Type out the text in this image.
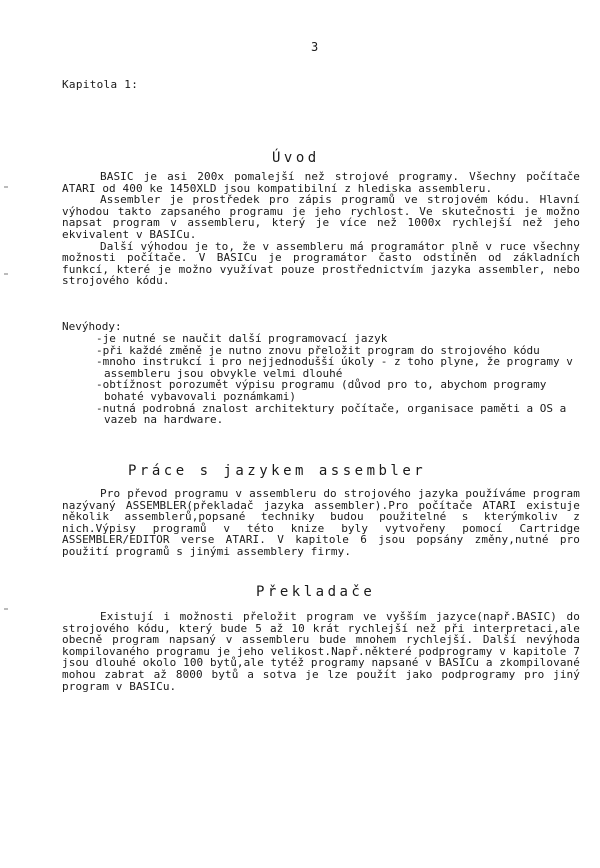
3
Kapitola 1:
Úvod

BASIC je asi 200x pomalejší než strojové programy. Všechny počítače ATARI od 400 ke 1450XLD jsou kompatibilní z hlediska assembleru.

Assembler je prostředek pro zápis programů ve strojovém kódu. Hlavní výhodou takto zapsaného programu je jeho rychlost. Ve skutečnosti je možno napsat program v assembleru, který je více než 1000x rychlejší než jeho ekvivalent v BASICu.

Další výhodou je to, že v assembleru má programátor plně v ruce všechny možnosti počítače. V BASICu je programátor často odstíněn od základních funkcí, které je možno využívat pouze prostřednictvím jazyka assembler, nebo strojového kódu.

Nevýhody:
-je nutné se naučit další programovací jazyk
-při každé změně je nutno znovu přeložit program do strojového kódu
-mnoho instrukcí i pro nejjednodušší úkoly - z toho plyne, že programy v assembleru jsou obvykle velmi dlouhé
-obtížnost porozumět výpisu programu (důvod pro to, abychom programy bohaté vybavovali poznámkami)
-nutná podrobná znalost architektury počítače, organisace paměti a OS a vazeb na hardware.
Práce s jazykem assembler

Pro převod programu v assembleru do strojového jazyka používáme program nazývaný ASSEMBLER(překladač jazyka assembler).Pro počítače ATARI existuje několik assemblerů,popsané techniky budou použitelné s kterýmkoliv z nich.Výpisy programů v této knize byly vytvořeny pomocí Cartridge ASSEMBLER/EDITOR verse ATARI. V kapitole 6 jsou popsány změny,nutné pro použití programů s jinými assemblery firmy.

Překladače

Existují i možnosti přeložit program ve vyšším jazyce(např.BASIC) do strojového kódu, který bude 5 až 10 krát rychlejší než při interpretaci,ale obecně program napsaný v assembleru bude mnohem rychlejší. Další nevýhoda kompilovaného programu je jeho velikost.Např.některé podprogramy v kapitole 7 jsou dlouhé okolo 100 bytů,ale tytéž programy napsané v BASICu a zkompilované mohou zabrat až 8000 bytů a sotva je lze použít jako podprogramy pro jiný program v BASICu.
